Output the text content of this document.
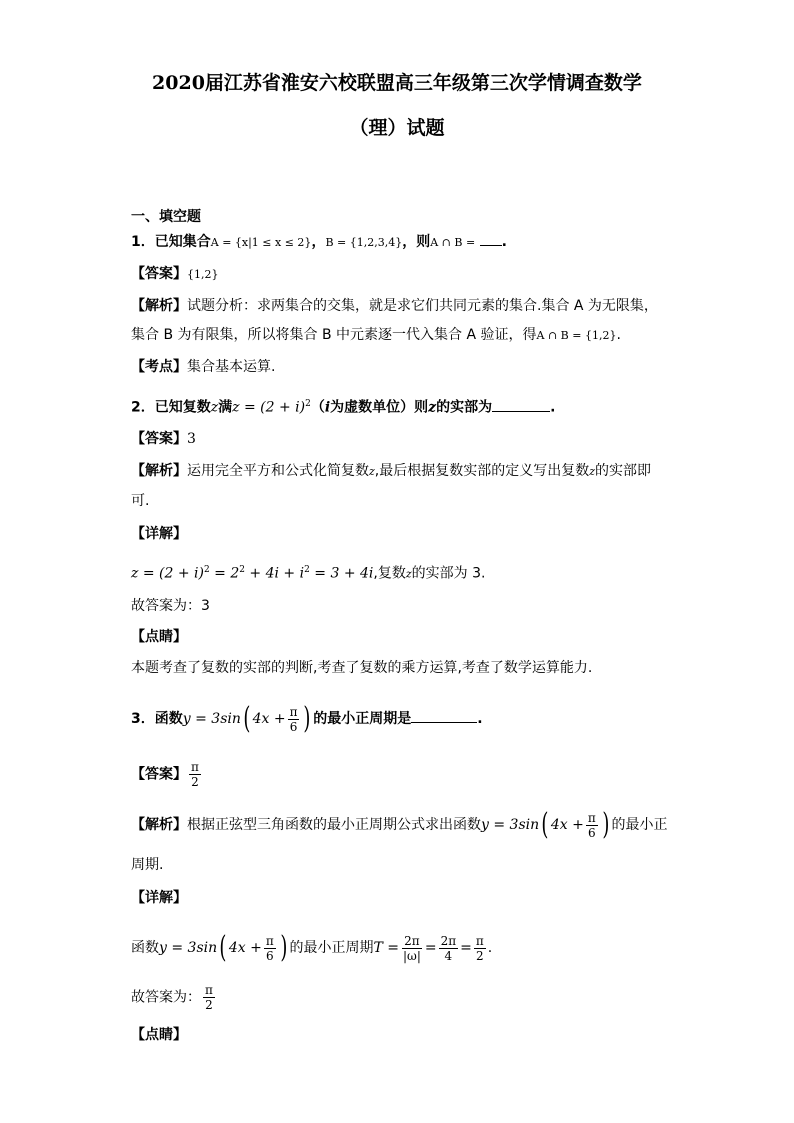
2020届江苏省淮安六校联盟高三年级第三次学情调查数学
（理）试题
一、填空题
1．已知集合A = {x|1 ≤ x ≤ 2}，B = {1,2,3,4}，则A ∩ B = .
【答案】{1,2}
【解析】试题分析：求两集合的交集，就是求它们共同元素的集合.集合 A 为无限集，
集合 B 为有限集，所以将集合 B 中元素逐一代入集合 A 验证，得A ∩ B = {1,2}.
【考点】集合基本运算.
2．已知复数z满$z = (2 + i)^2(i$为虚数单位）则z的实部为	.
【答案】3
【解析】运用完全平方和公式化简复数z,最后根据复数实部的定义写出复数z的实部即
可.
【详解】
$z = (2 + i)^2 = 2^2 + 4i + i^2 = 3 + 4i$,复数z的实部为 3.
故答案为：3
【点睛】
本题考查了复数的实部的判断,考查了复数的乘方运算,考查了数学运算能力.
3．函数y = 3sin( $4x + \frac{\pi}{6}$ ) 的最小正周期是	.
【答案】 $\frac{\pi}{2}$
【解析】根据正弦型三角函数的最小正周期公式求出函数y = 3sin( $4x + \frac{\pi}{6}$ ) 的最小正
周期.
【详解】
函数y = 3sin( $4x + \frac{\pi}{6}$ ) 的最小正周期$T = \frac{2\pi}{|\omega|} = \frac{2\pi}{4} = \frac{\pi}{2}$ .
故答案为： $\frac{\pi}{2}$
【点睛】
